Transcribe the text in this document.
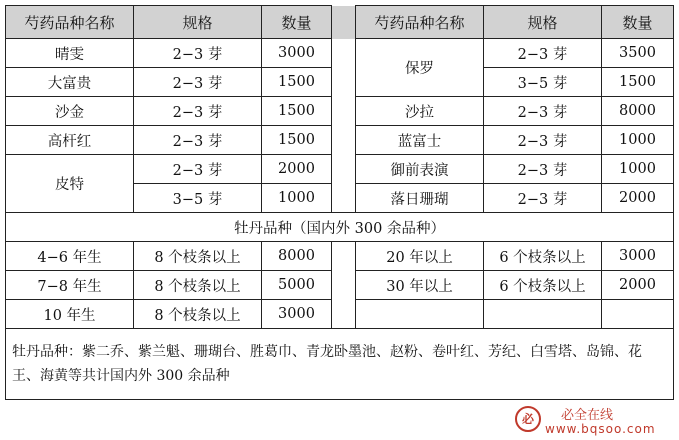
芍药品种名称	规格	数量		芍药品种名称	规格	数量
晴雯	2−3 芽	3000		保罗	2−3 芽	3500
大富贵	2−3 芽	1500			3−5 芽	1500
沙金	2−3 芽	1500		沙拉	2−3 芽	8000
高杆红	2−3 芽	1500		蓝富士	2−3 芽	1000
皮特	2−3 芽	2000		御前表演	2−3 芽	1000
	3−5 芽	1000		落日珊瑚	2−3 芽	2000
牡丹品种（国内外 300 余品种）						
4−6 年生	8 个枝条以上	8000		20 年以上	6 个枝条以上	3000
7−8 年生	8 个枝条以上	5000		30 年以上	6 个枝条以上	2000
10 年生	8 个枝条以上	3000				
牡丹品种：紫二乔、紫兰魁、珊瑚台、胜葛巾、青龙卧墨池、赵粉、卷叶红、芳纪、白雪塔、岛锦、花王、海黄等共计国内外 300 余品种						
必	必全在线
www.bqsoo.com
